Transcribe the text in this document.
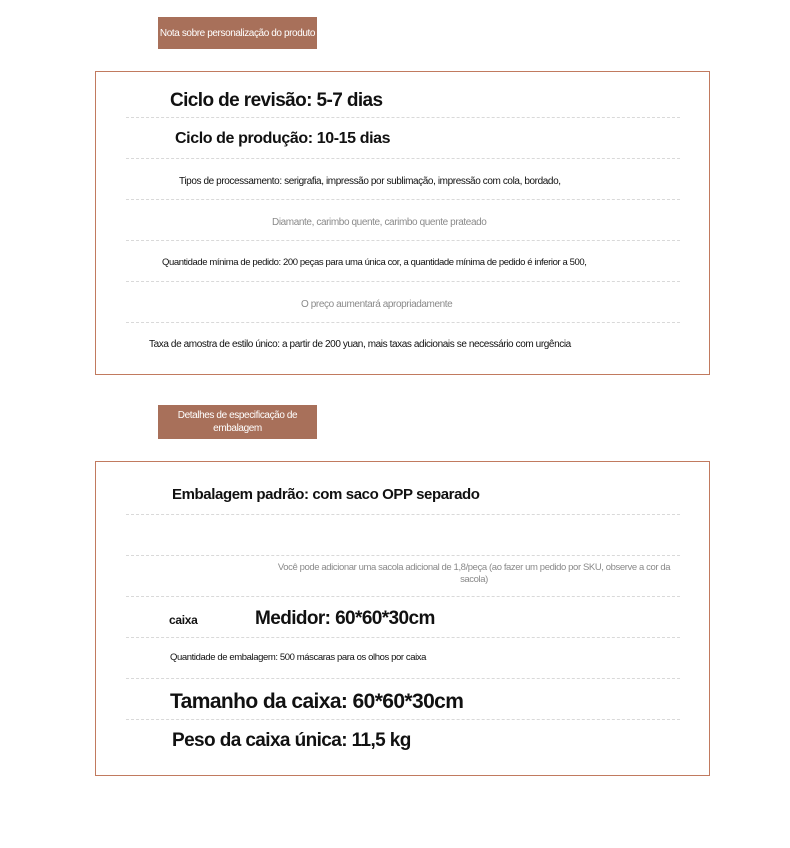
Nota sobre personalização do produto
Ciclo de revisão: 5-7 dias
Ciclo de produção: 10-15 dias
Tipos de processamento: serigrafia, impressão por sublimação, impressão com cola, bordado,
Diamante, carimbo quente, carimbo quente prateado
Quantidade mínima de pedido: 200 peças para uma única cor, a quantidade mínima de pedido é inferior a 500,
O preço aumentará apropriadamente
Taxa de amostra de estilo único: a partir de 200 yuan, mais taxas adicionais se necessário com urgência
Detalhes de especificação de embalagem
Embalagem padrão: com saco OPP separado
Você pode adicionar uma sacola adicional de 1,8/peça (ao fazer um pedido por SKU, observe a cor da sacola)
caixa	Medidor: 60*60*30cm
Quantidade de embalagem: 500 máscaras para os olhos por caixa
Tamanho da caixa: 60*60*30cm
Peso da caixa única: 11,5 kg
